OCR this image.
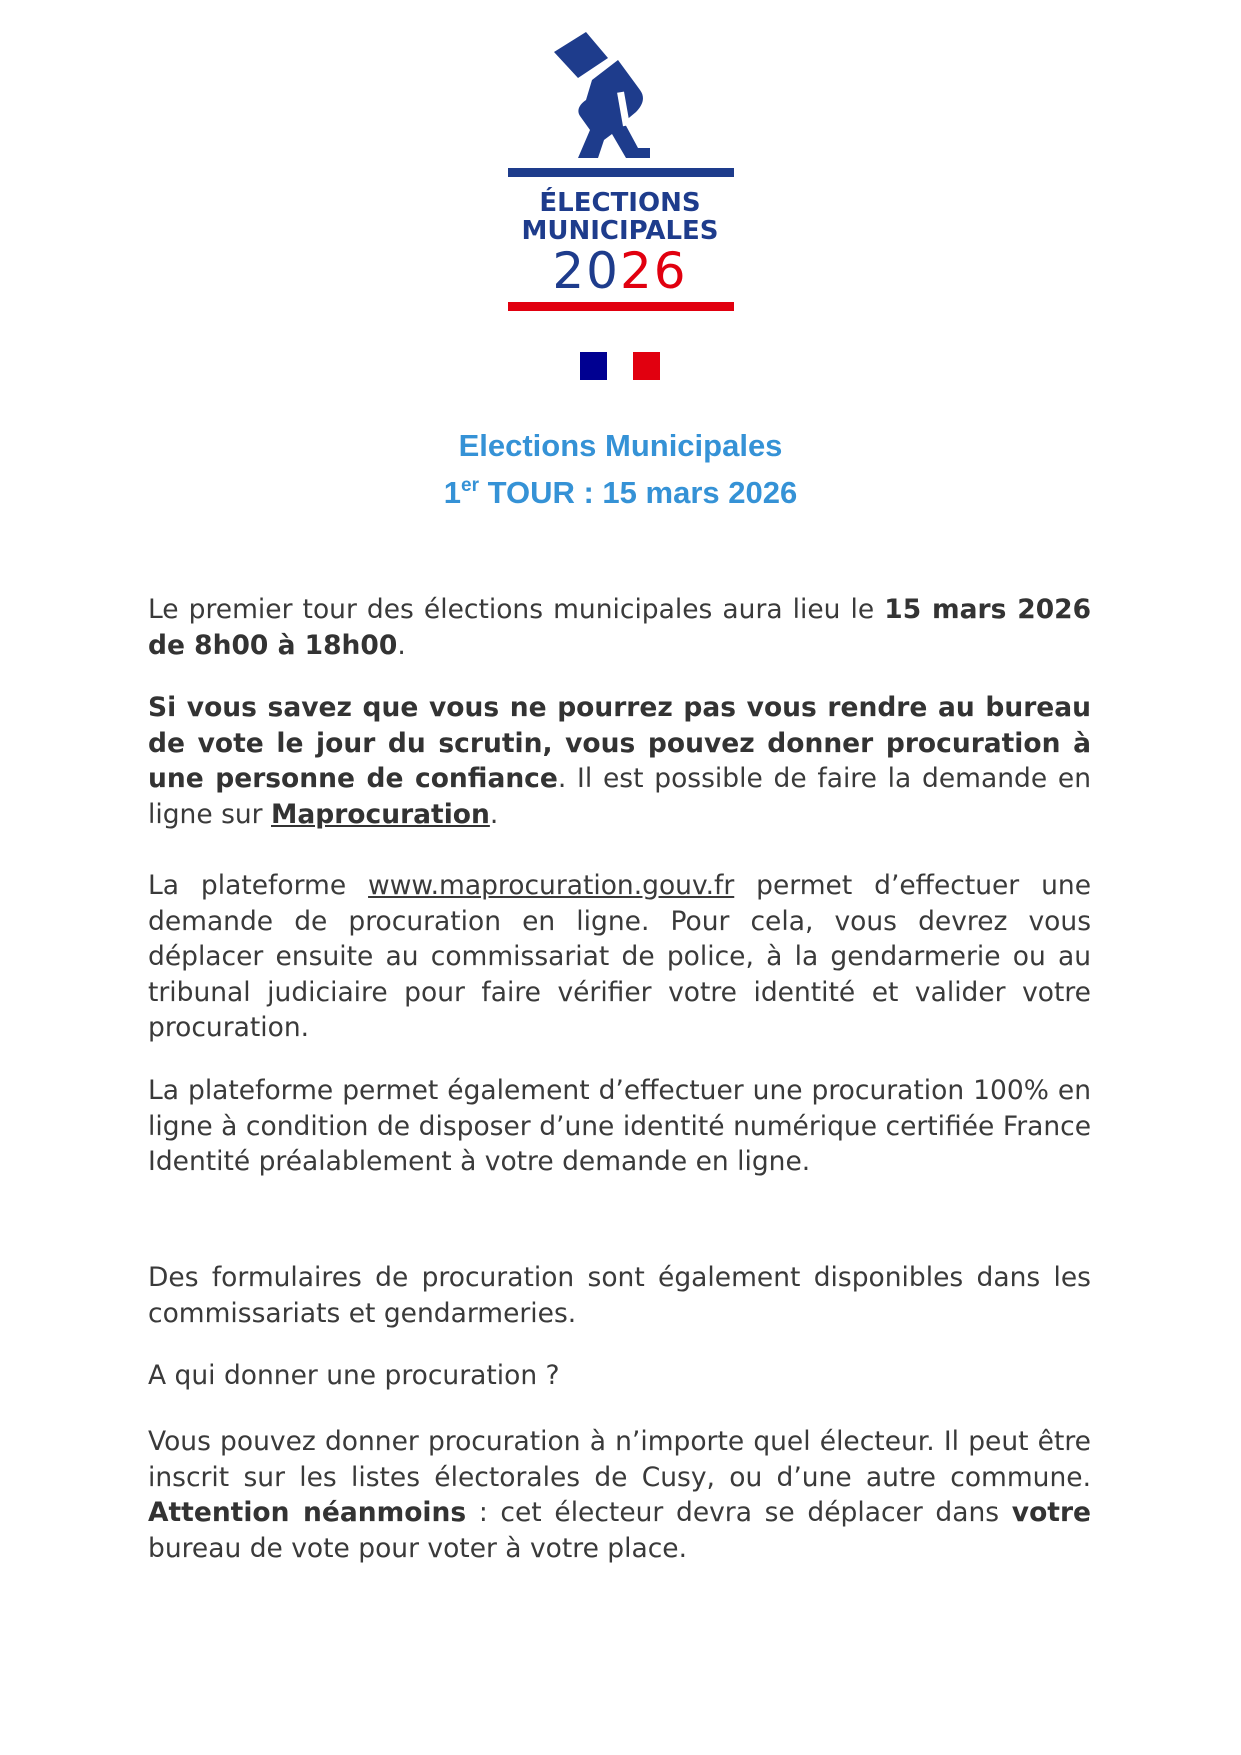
ÉLECTIONS
MUNICIPALES
2026
Elections Municipales
1er TOUR : 15 mars 2026

Le premier tour des élections municipales aura lieu le 15 mars 2026 de 8h00 à 18h00.

Si vous savez que vous ne pourrez pas vous rendre au bureau de vote le jour du scrutin, vous pouvez donner procuration à une personne de confiance. Il est possible de faire la demande en ligne sur Maprocuration.

La plateforme www.maprocuration.gouv.fr permet d’effectuer une demande de procuration en ligne. Pour cela, vous devrez vous déplacer ensuite au commissariat de police, à la gendarmerie ou au tribunal judiciaire pour faire vérifier votre identité et valider votre procuration.

La plateforme permet également d’effectuer une procuration 100% en ligne à condition de disposer d’une identité numérique certifiée France Identité préalablement à votre demande en ligne.

Des formulaires de procuration sont également disponibles dans les commissariats et gendarmeries.

A qui donner une procuration ?

Vous pouvez donner procuration à n’importe quel électeur. Il peut être inscrit sur les listes électorales de Cusy, ou d’une autre commune. Attention néanmoins : cet électeur devra se déplacer dans votre bureau de vote pour voter à votre place.
